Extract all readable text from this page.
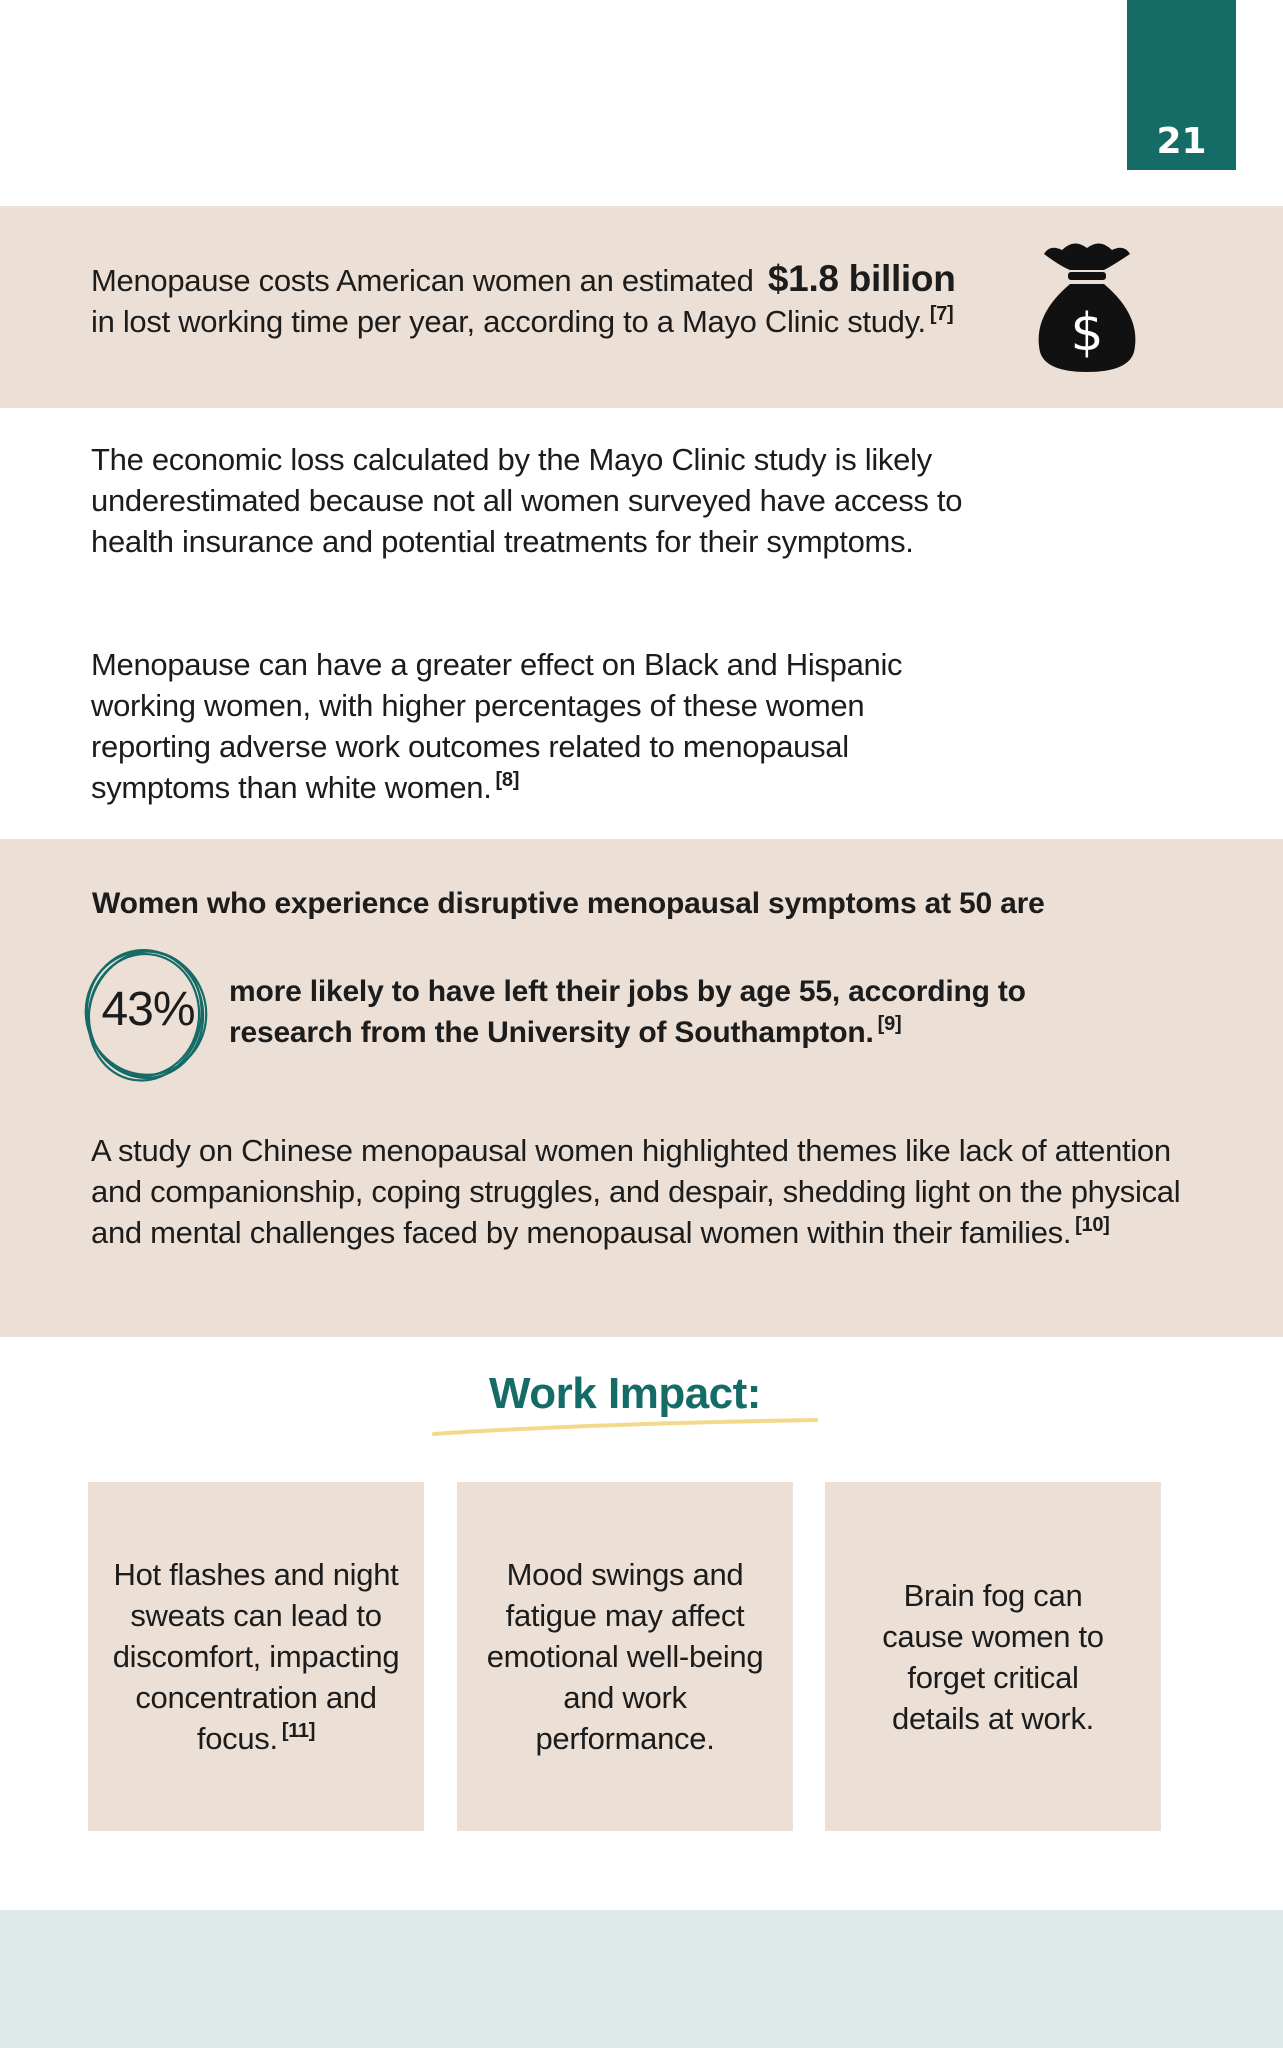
21
Menopause costs American women an estimated $1.8 billion
in lost working time per year, according to a Mayo Clinic study. [7]	$

The economic loss calculated by the Mayo Clinic study is likely underestimated because not all women surveyed have access to health insurance and potential treatments for their symptoms.

Menopause can have a greater effect on Black and Hispanic working women, with higher percentages of these women reporting adverse work outcomes related to menopausal symptoms than white women. [8]

Women who experience disruptive menopausal symptoms at 50 are
43%	more likely to have left their jobs by age 55, according to research from the University of Southampton. [9]

A study on Chinese menopausal women highlighted themes like lack of attention and companionship, coping struggles, and despair, shedding light on the physical and mental challenges faced by menopausal women within their families. [10]

Work Impact:
Hot flashes and night sweats can lead to discomfort, impacting concentration and focus. [11]
Mood swings and fatigue may affect emotional well-being and work performance.
Brain fog can cause women to forget critical details at work.
